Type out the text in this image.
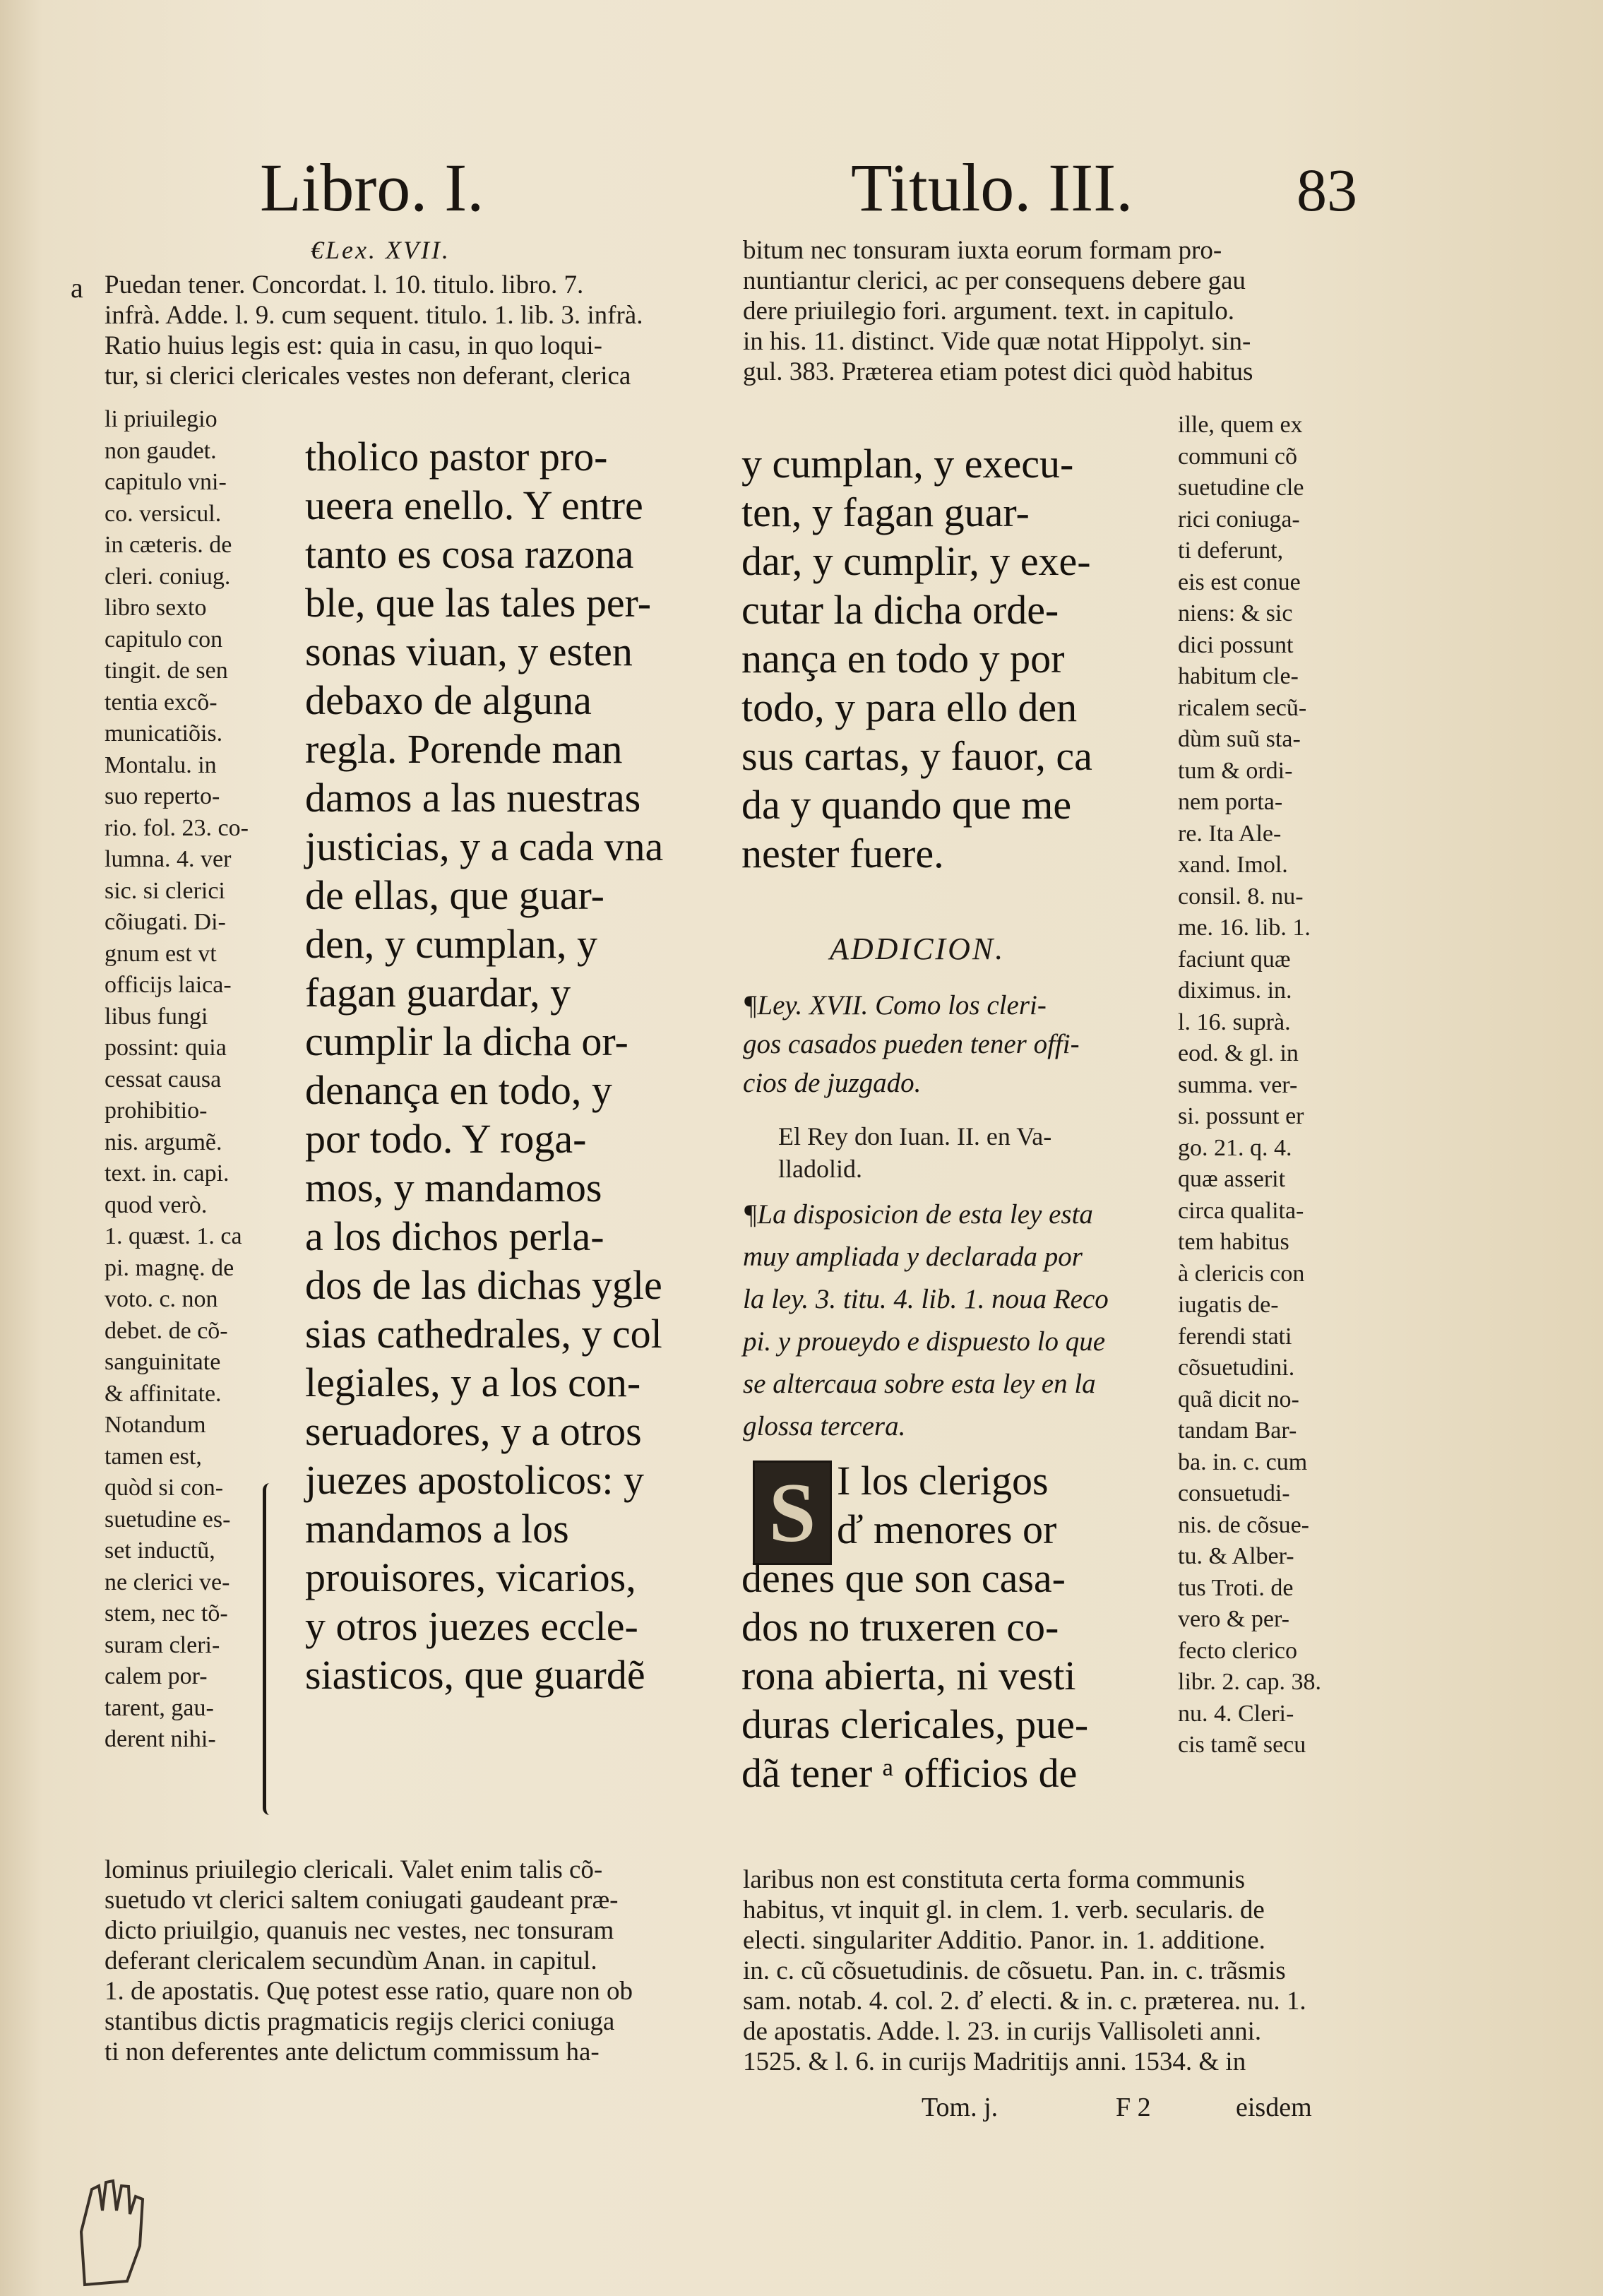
Libro. I.	Titulo. III.	83
€Lex. XVII.
a Puedan tener. Concordat. l. 10. titulo. libro. 7.
infrà. Adde. l. 9. cum sequent. titulo. 1. lib. 3. infrà.
Ratio huius legis est: quia in casu, in quo loqui-
tur, si clerici clericales vestes non deferant, clerica
li priuilegio
non gaudet.
capitulo vni-
co. versicul.
in cæteris. de
cleri. coniug.
libro sexto
capitulo con
tingit. de sen
tentia excõ-
municatiõis.
Montalu. in
suo reperto-
rio. fol. 23. co-
lumna. 4. ver
sic. si clerici
cõiugati. Di-
gnum est vt
officijs laica-
libus fungi
possint: quia
cessat causa
prohibitio-
nis. argumẽ.
text. in. capi.
quod verò.
1. quæst. 1. ca
pi. magnę. de
voto. c. non
debet. de cõ-
sanguinitate
& affinitate.
Notandum
tamen est,
quòd si con-
suetudine es-
set inductũ,
ne clerici ve-
stem, nec tõ-
suram cleri-
calem por-
tarent, gau-
derent nihi-
tholico pastor pro-
ueera enello. Y entre
tanto es cosa razona
ble, que las tales per-
sonas viuan, y esten
debaxo de alguna
regla. Porende man
damos a las nuestras
justicias, y a cada vna
de ellas, que guar-
den, y cumplan, y
fagan guardar, y
cumplir la dicha or-
denança en todo, y
por todo. Y roga-
mos, y mandamos
a los dichos perla-
dos de las dichas ygle
sias cathedrales, y col
legiales, y a los con-
seruadores, y a otros
juezes apostolicos: y
mandamos a los
prouisores, vicarios,
y otros juezes eccle-
siasticos, que guardẽ
lominus priuilegio clericali. Valet enim talis cõ-
suetudo vt clerici saltem coniugati gaudeant præ-
dicto priuilgio, quanuis nec vestes, nec tonsuram
deferant clericalem secundùm Anan. in capitul.
1. de apostatis. Quę potest esse ratio, quare non ob
stantibus dictis pragmaticis regijs clerici coniuga
ti non deferentes ante delictum commissum ha-
bitum nec tonsuram iuxta eorum formam pro-
nuntiantur clerici, ac per consequens debere gau
dere priuilegio fori. argument. text. in capitulo.
in his. 11. distinct. Vide quæ notat Hippolyt. sin-
gul. 383. Præterea etiam potest dici quòd habitus
y cumplan, y execu-
ten, y fagan guar-
dar, y cumplir, y exe-
cutar la dicha orde-
nança en todo y por
todo, y para ello den
sus cartas, y fauor, ca
da y quando que me
nester fuere.
ADDICION.
¶Ley. XVII. Como los cleri-
gos casados pueden tener offi-
cios de juzgado.
El Rey don Iuan. II. en Va-
lladolid.
¶La disposicion de esta ley esta
muy ampliada y declarada por
la ley. 3. titu. 4. lib. 1. noua Reco
pi. y proueydo e dispuesto lo que
se altercaua sobre esta ley en la
glossa tercera.
S I los clerigos
ď menores or
denes que son casa-
dos no truxeren co-
rona abierta, ni vesti
duras clericales, pue-
dã tener ᵃ officios de
ille, quem ex
communi cõ
suetudine cle
rici coniuga-
ti deferunt,
eis est conue
niens: & sic
dici possunt
habitum cle-
ricalem secũ-
dùm suũ sta-
tum & ordi-
nem porta-
re. Ita Ale-
xand. Imol.
consil. 8. nu-
me. 16. lib. 1.
faciunt quæ
diximus. in.
l. 16. suprà.
eod. & gl. in
summa. ver-
si. possunt er
go. 21. q. 4.
quæ asserit
circa qualita-
tem habitus
à clericis con
iugatis de-
ferendi stati
cõsuetudini.
quã dicit no-
tandam Bar-
ba. in. c. cum
consuetudi-
nis. de cõsue-
tu. & Alber-
tus Troti. de
vero & per-
fecto clerico
libr. 2. cap. 38.
nu. 4. Cleri-
cis tamẽ secu
laribus non est constituta certa forma communis
habitus, vt inquit gl. in clem. 1. verb. secularis. de
electi. singulariter Additio. Panor. in. 1. additione.
in. c. cũ cõsuetudinis. de cõsuetu. Pan. in. c. trãsmis
sam. notab. 4. col. 2. ď electi. & in. c. præterea. nu. 1.
de apostatis. Adde. l. 23. in curijs Vallisoleti anni.
1525. & l. 6. in curijs Madritijs anni. 1534. & in
Tom. j.	F 2	eisdem
